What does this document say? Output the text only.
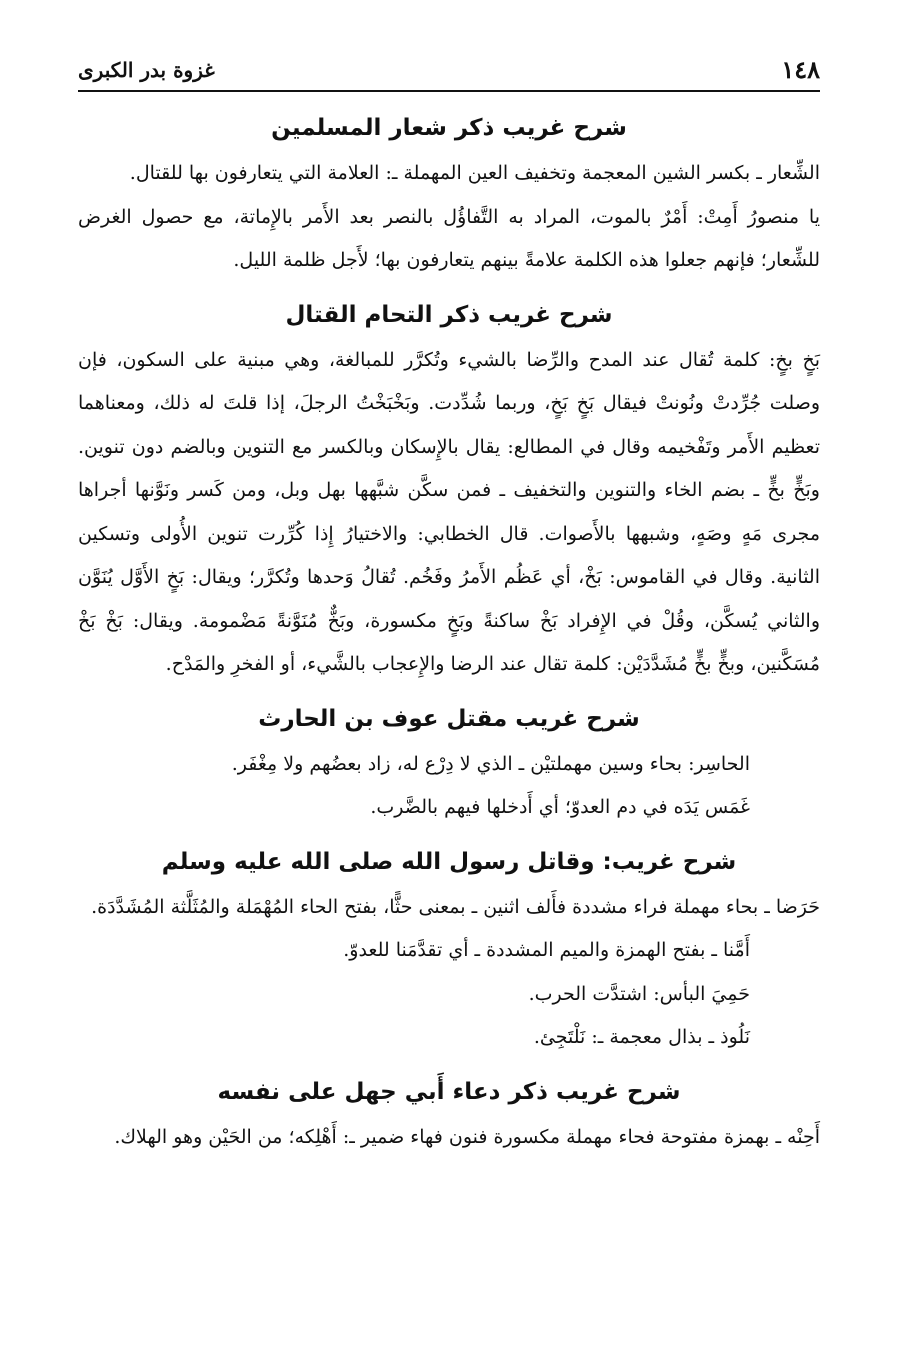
١٤٨
غزوة بدر الكبرى
شرح غريب ذكر شعار المسلمين

الشِّعار ـ بكسر الشين المعجمة وتخفيف العين المهملة ـ: العلامة التي يتعارفون بها للقتال.

يا منصورُ أَمِتْ: أَمْرٌ بالموت، المراد به التَّفاؤُل بالنصر بعد الأَمر بالإِماتة، مع حصول الغرض للشِّعار؛ فإنهم جعلوا هذه الكلمة علامةً بينهم يتعارفون بها؛ لأَجل ظلمة الليل.

شرح غريب ذكر التحام القتال

بَخٍ بخٍ: كلمة تُقال عند المدح والرِّضا بالشيء وتُكرَّر للمبالغة، وهي مبنية على السكون، فإن وصلت جُرِّدتْ ونُونتْ فيقال بَخٍ بَخٍ، وربما شُدِّدت. وبَخْبَخْتُ الرجلَ، إذا قلتَ له ذلك، ومعناهما تعظيم الأَمر وتَفْخيمه وقال في المطالع: يقال بالإِسكان وبالكسر مع التنوين وبالضم دون تنوين. وبَخٍّ بخٍّ ـ بضم الخاء والتنوين والتخفيف ـ فمن سكَّن شبَّهها بهل وبل، ومن كَسر ونَوَّنها أجراها مجرى مَهٍ وصَهٍ، وشبهها بالأَصوات. قال الخطابي: والاختيارُ إِذا كُرِّرت تنوين الأُولى وتسكين الثانية. وقال في القاموس: بَخْ، أي عَظُم الأَمرُ وفَخُم. تُقالُ وَحدها وتُكرَّر؛ ويقال: بَخٍ الأَوَّل يُنَوَّن والثاني يُسكَّن، وقُلْ في الإِفراد بَخْ ساكنةً وبَخٍ مكسورة، وبَخٌّ مُنَوَّنةً مَضْمومة. ويقال: بَخْ بَخْ مُسَكَّنين، وبخٍّ بخٍّ مُشَدَّدَيْن: كلمة تقال عند الرضا والإِعجاب بالشَّيء، أو الفخرِ والمَدْح.

شرح غريب مقتل عوف بن الحارث

الحاسِر: بحاء وسين مهملتيْن ـ الذي لا دِرْع له، زاد بعضُهم ولا مِغْفَر.

غَمَس يَدَه في دم العدوّ؛ أي أَدخلها فيهم بالضَّرب.

شرح غريب: وقاتل رسول الله صلى الله عليه وسلم

حَرَضا ـ بحاء مهملة فراء مشددة فأَلف اثنين ـ بمعنى حثًّا، بفتح الحاء المُهْمَلة والمُثَلَّثة المُشَدَّدَة.

أَمَّنا ـ بفتح الهمزة والميم المشددة ـ أي تقدَّمَنا للعدوّ.

حَمِيَ البأس: اشتدَّت الحرب.

نَلُوذ ـ بذال معجمة ـ: نَلْتَجِئ.

شرح غريب ذكر دعاء أَبي جهل على نفسه

أَحِنْه ـ بهمزة مفتوحة فحاء مهملة مكسورة فنون فهاء ضمير ـ: أَهْلِكه؛ من الحَيْن وهو الهلاك.
